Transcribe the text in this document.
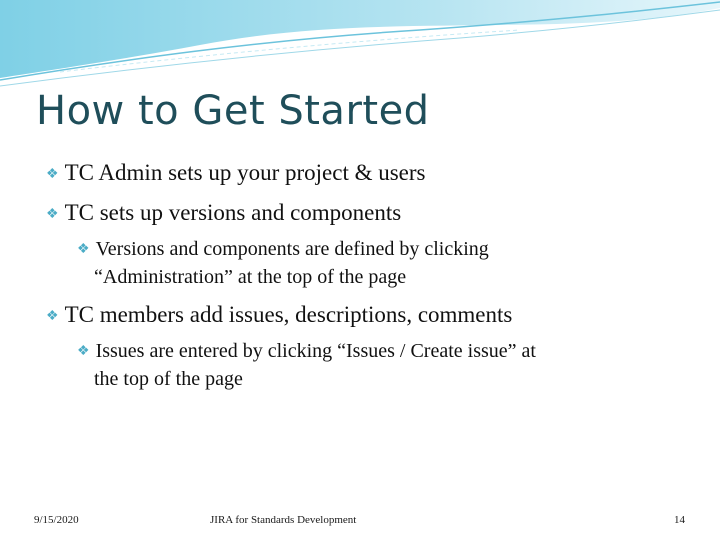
How to Get Started
❖ TC Admin sets up your project & users
❖ TC sets up versions and components
❖ Versions and components are defined by clicking
“Administration” at the top of the page
❖ TC members add issues, descriptions, comments
❖ Issues are entered by clicking “Issues / Create issue” at
the top of the page
9/15/2020	JIRA for Standards Development	14
